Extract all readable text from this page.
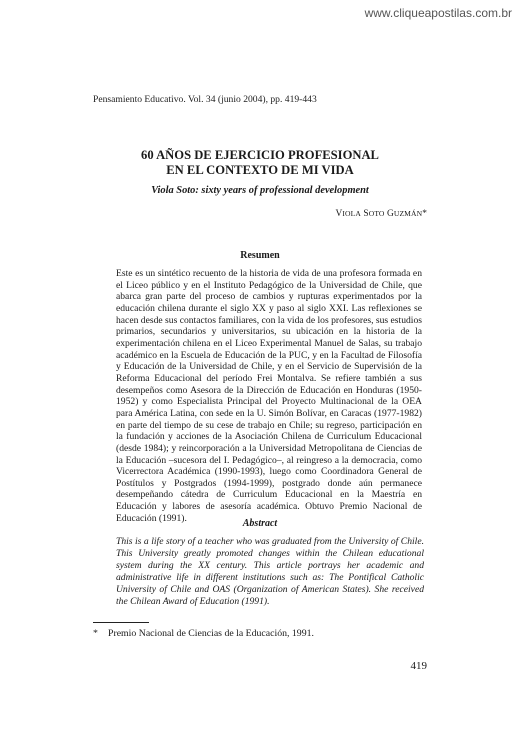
www.cliqueapostilas.com.br
Pensamiento Educativo. Vol. 34 (junio 2004), pp. 419-443
60 AÑOS DE EJERCICIO PROFESIONAL
EN EL CONTEXTO DE MI VIDA
Viola Soto: sixty years of professional development
VIOLA SOTO GUZMÁN*
Resumen
Este es un sintético recuento de la historia de vida de una profesora formada en el Liceo público y en el Instituto Pedagógico de la Universidad de Chile, que abarca gran parte del proceso de cambios y rupturas experimentados por la educación chilena durante el siglo XX y paso al siglo XXI. Las reflexiones se hacen desde sus contactos familiares, con la vida de los profesores, sus estudios primarios, secundarios y universitarios, su ubicación en la historia de la experimentación chilena en el Liceo Experimental Manuel de Salas, su trabajo académico en la Escuela de Educación de la PUC, y en la Facultad de Filosofía y Educación de la Universidad de Chile, y en el Servicio de Supervisión de la Reforma Educacional del período Frei Montalva. Se refiere también a sus desempeños como Asesora de la Dirección de Educación en Honduras (1950-1952) y como Especialista Principal del Proyecto Multinacional de la OEA para América Latina, con sede en la U. Simón Bolívar, en Caracas (1977-1982) en parte del tiempo de su cese de trabajo en Chile; su regreso, participación en la fundación y acciones de la Asociación Chilena de Curriculum Educacional (desde 1984); y reincorporación a la Universidad Metropolitana de Ciencias de la Educación –sucesora del I. Pedagógico–, al reingreso a la democracia, como Vicerrectora Académica (1990-1993), luego como Coordinadora General de Postítulos y Postgrados (1994-1999), postgrado donde aún permanece desempeñando cátedra de Curriculum Educacional en la Maestría en Educación y labores de asesoría académica. Obtuvo Premio Nacional de Educación (1991).	Abstract
This is a life story of a teacher who was graduated from the University of Chile. This University greatly promoted changes within the Chilean educational system during the XX century. This article portrays her academic and administrative life in different institutions such as: The Pontifical Catholic University of Chile and OAS (Organization of American States). She received the Chilean Award of Education (1991).
* Premio Nacional de Ciencias de la Educación, 1991.
419
